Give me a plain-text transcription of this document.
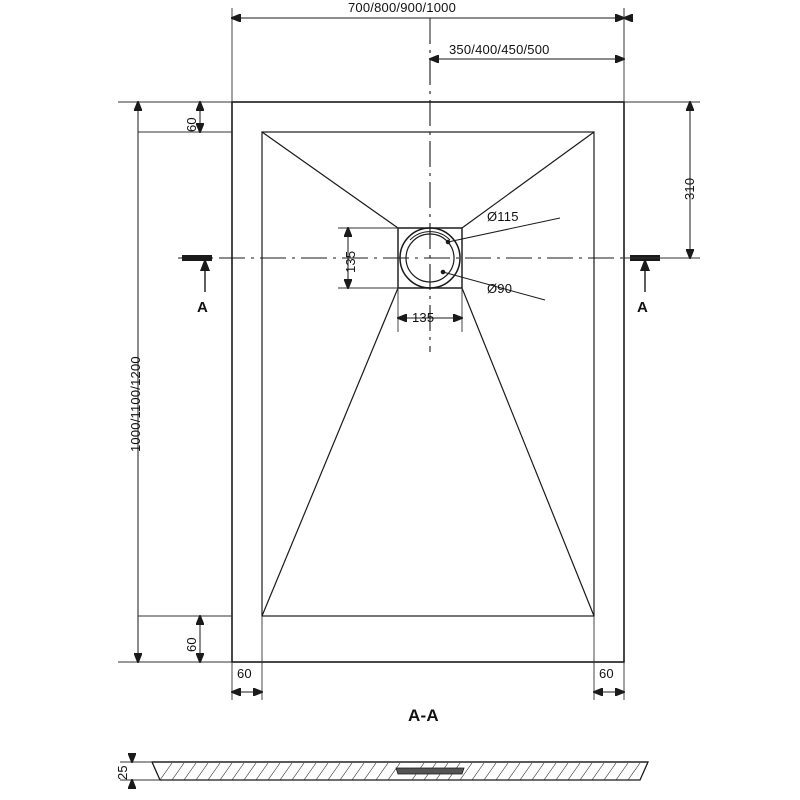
700/800/900/1000
350/400/450/500
1000/1100/1200
310
60
60
60	60
135
135
Ø115
Ø90
A	A
A-A
25
